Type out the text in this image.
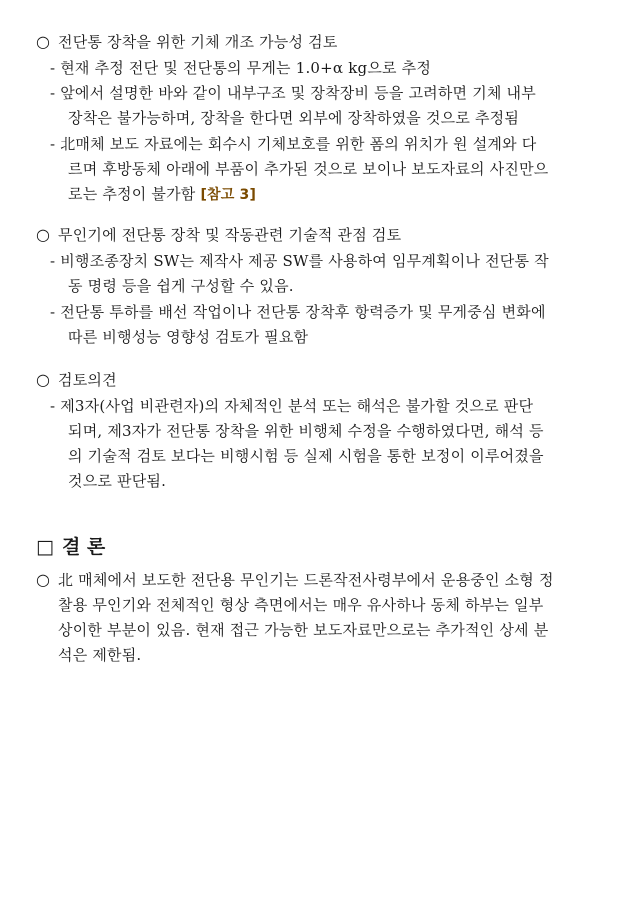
○ 전단통 장착을 위한 기체 개조 가능성 검토
- 현재 추정 전단 및 전단통의 무게는 1.0+α kg으로 추정
- 앞에서 설명한 바와 같이 내부구조 및 장착장비 등을 고려하면 기체 내부
장착은 불가능하며, 장착을 한다면 외부에 장착하였을 것으로 추정됨
- 北매체 보도 자료에는 회수시 기체보호를 위한 폼의 위치가 원 설계와 다
르며 후방동체 아래에 부품이 추가된 것으로 보이나 보도자료의 사진만으
로는 추정이 불가함 [참고 3]
○ 무인기에 전단통 장착 및 작동관련 기술적 관점 검토
- 비행조종장치 SW는 제작사 제공 SW를 사용하여 임무계획이나 전단통 작
동 명령 등을 쉽게 구성할 수 있음.
- 전단통 투하를 배선 작업이나 전단통 장착후 항력증가 및 무게중심 변화에
따른 비행성능 영향성 검토가 필요함
○ 검토의견
- 제3자(사업 비관련자)의 자체적인 분석 또는 해석은 불가할 것으로 판단
되며, 제3자가 전단통 장착을 위한 비행체 수정을 수행하였다면, 해석 등
의 기술적 검토 보다는 비행시험 등 실제 시험을 통한 보정이 이루어졌을
것으로 판단됨.
□ 결 론
○ 北 매체에서 보도한 전단용 무인기는 드론작전사령부에서 운용중인 소형 정
찰용 무인기와 전체적인 형상 측면에서는 매우 유사하나 동체 하부는 일부
상이한 부분이 있음. 현재 접근 가능한 보도자료만으로는 추가적인 상세 분
석은 제한됨.
